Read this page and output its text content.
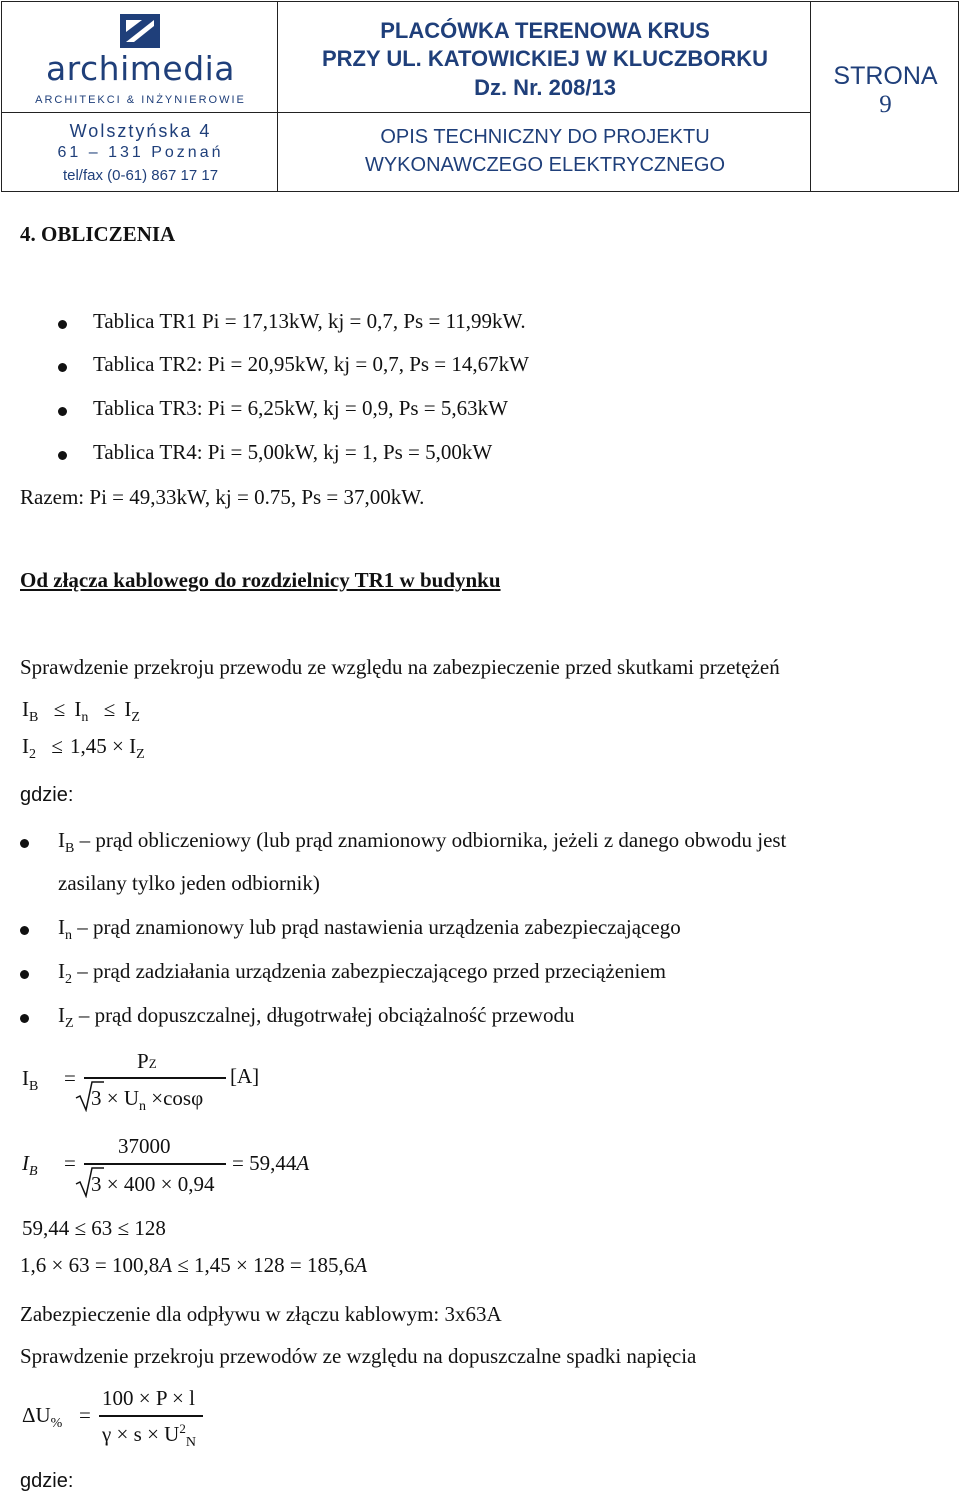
archimedia
ARCHITEKCI & INŻYNIEROWIE
Wolsztyńska 4
61 – 131 Poznań
tel/fax (0-61) 867 17 17
PLACÓWKA TERENOWA KRUS
PRZY UL. KATOWICKIEJ W KLUCZBORKU
Dz. Nr. 208/13
OPIS TECHNICZNY DO PROJEKTU
WYKONAWCZEGO ELEKTRYCZNEGO
STRONA
9
4. OBLICZENIA
Tablica TR1 Pi = 17,13kW, kj = 0,7, Ps = 11,99kW.
Tablica TR2: Pi = 20,95kW, kj = 0,7, Ps = 14,67kW
Tablica TR3: Pi = 6,25kW, kj = 0,9, Ps = 5,63kW
Tablica TR4: Pi = 5,00kW, kj = 1, Ps = 5,00kW
Razem: Pi = 49,33kW, kj = 0.75, Ps = 37,00kW.
Od złącza kablowego do rozdzielnicy TR1 w budynku
Sprawdzenie przekroju przewodu ze względu na zabezpieczenie przed skutkami przetężeń
$I_B \le I_n \le I_Z$
$I_2 \le 1,45 \times I_Z$
gdzie:
$I_B$ – prąd obliczeniowy (lub prąd znamionowy odbiornika, jeżeli z danego obwodu jest
zasilany tylko jeden odbiornik)
$I_n$ – prąd znamionowy lub prąd nastawienia urządzenia zabezpieczającego
$I_2$ – prąd zadziałania urządzenia zabezpieczającego przed przeciążeniem
$I_Z$ – prąd dopuszczalnej, długotrwałej obciążalność przewodu
$I_B$ =
PZ
[A]
$3 \times U_n \times\cos\varphi$
$I_B$ =
37000
3 × 400 × 0,94
= 59,44A
59,44 ≤ 63 ≤ 128
1,6 × 63 = 100,8A ≤ 1,45 × 128 = 185,6A
Zabezpieczenie dla odpływu w złączu kablowym: 3x63A
Sprawdzenie przekroju przewodów ze względu na dopuszczalne spadki napięcia
$\Delta U_{\%}$ =
100 × P × l
$\gamma \times s \times U^2_N$
gdzie:
